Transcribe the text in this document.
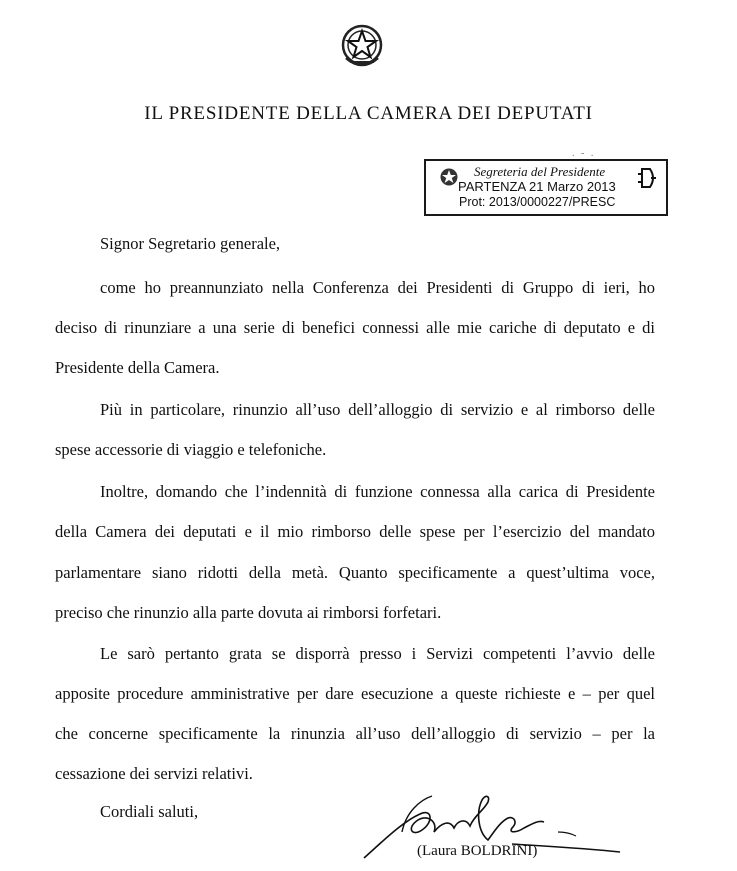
IL PRESIDENTE DELLA CAMERA DEI DEPUTATI
. - .
Segreteria del Presidente
PARTENZA 21 Marzo 2013
Prot: 2013/0000227/PRESC
Signor Segretario generale,
come ho preannunziato nella Conferenza dei Presidenti di Gruppo di ieri, ho
deciso di rinunziare a una serie di benefici connessi alle mie cariche di deputato e di
Presidente della Camera.
Più in particolare, rinunzio all’uso dell’alloggio di servizio e al rimborso delle
spese accessorie di viaggio e telefoniche.
Inoltre, domando che l’indennità di funzione connessa alla carica di Presidente
della Camera dei deputati e il mio rimborso delle spese per l’esercizio del mandato
parlamentare siano ridotti della metà. Quanto specificamente a quest’ultima voce,
preciso che rinunzio alla parte dovuta ai rimborsi forfetari.
Le sarò pertanto grata se disporrà presso i Servizi competenti l’avvio delle
apposite procedure amministrative per dare esecuzione a queste richieste e – per quel
che concerne specificamente la rinunzia all’uso dell’alloggio di servizio – per la
cessazione dei servizi relativi.
Cordiali saluti,
(Laura BOLDRINI)
